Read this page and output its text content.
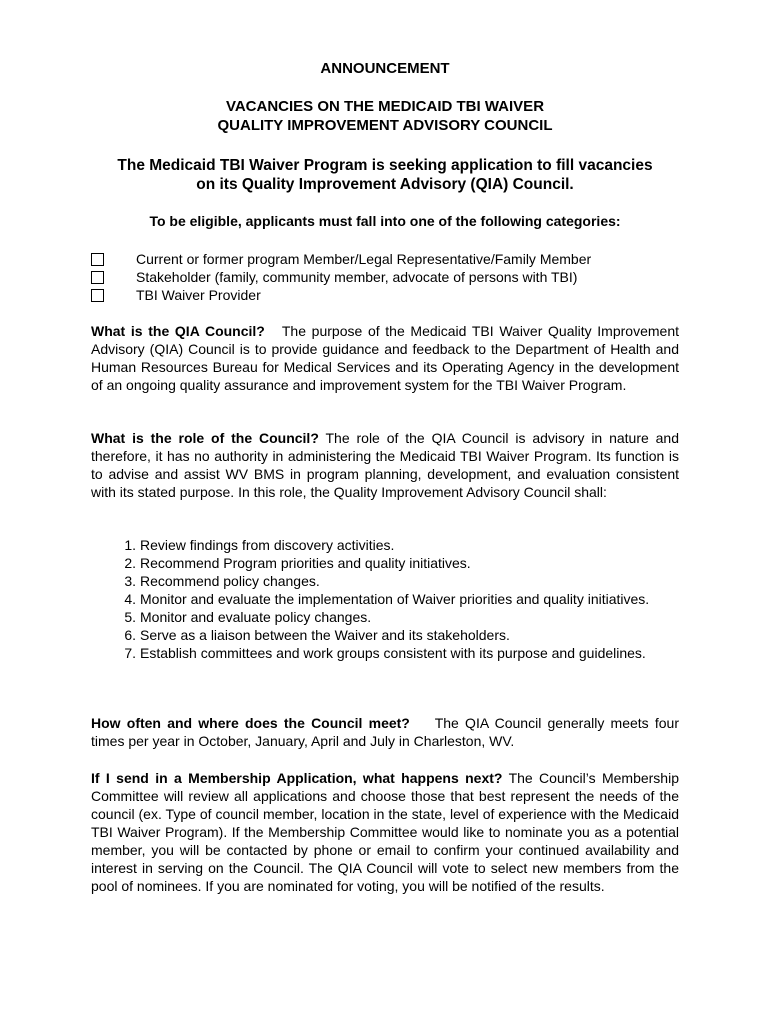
ANNOUNCEMENT
VACANCIES ON THE MEDICAID TBI WAIVER
QUALITY IMPROVEMENT ADVISORY COUNCIL
The Medicaid TBI Waiver Program is seeking application to fill vacancies
on its Quality Improvement Advisory (QIA) Council.
To be eligible, applicants must fall into one of the following categories:
Current or former program Member/Legal Representative/Family Member
Stakeholder (family, community member, advocate of persons with TBI)
TBI Waiver Provider

What is the QIA Council? The purpose of the Medicaid TBI Waiver Quality Improvement Advisory (QIA) Council is to provide guidance and feedback to the Department of Health and Human Resources Bureau for Medical Services and its Operating Agency in the development of an ongoing quality assurance and improvement system for the TBI Waiver Program.

What is the role of the Council? The role of the QIA Council is advisory in nature and therefore, it has no authority in administering the Medicaid TBI Waiver Program. Its function is to advise and assist WV BMS in program planning, development, and evaluation consistent with its stated purpose. In this role, the Quality Improvement Advisory Council shall:

1. Review findings from discovery activities.
2. Recommend Program priorities and quality initiatives.
3. Recommend policy changes.
4. Monitor and evaluate the implementation of Waiver priorities and quality initiatives.
5. Monitor and evaluate policy changes.
6. Serve as a liaison between the Waiver and its stakeholders.
7. Establish committees and work groups consistent with its purpose and guidelines.

How often and where does the Council meet? The QIA Council generally meets four times per year in October, January, April and July in Charleston, WV.

If I send in a Membership Application, what happens next? The Council’s Membership Committee will review all applications and choose those that best represent the needs of the council (ex. Type of council member, location in the state, level of experience with the Medicaid TBI Waiver Program). If the Membership Committee would like to nominate you as a potential member, you will be contacted by phone or email to confirm your continued availability and interest in serving on the Council. The QIA Council will vote to select new members from the pool of nominees. If you are nominated for voting, you will be notified of the results.
